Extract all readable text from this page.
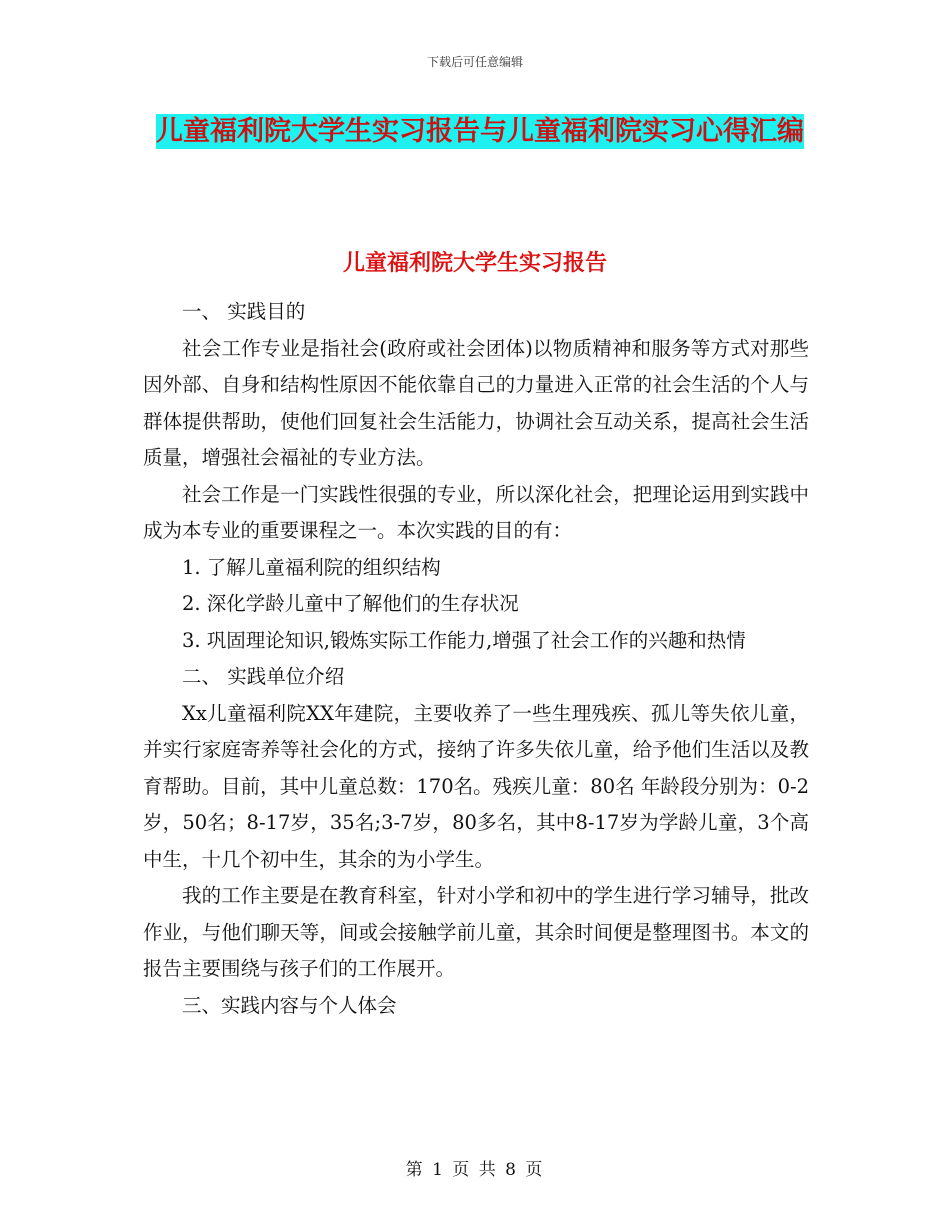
下载后可任意编辑
儿童福利院大学生实习报告与儿童福利院实习心得汇编
儿童福利院大学生实习报告

一、 实践目的

社会工作专业是指社会(政府或社会团体)以物质精神和服务等方式对那些因外部、自身和结构性原因不能依靠自己的力量进入正常的社会生活的个人与群体提供帮助，使他们回复社会生活能力，协调社会互动关系，提高社会生活质量，增强社会福祉的专业方法。

社会工作是一门实践性很强的专业，所以深化社会，把理论运用到实践中成为本专业的重要课程之一。本次实践的目的有：

1. 了解儿童福利院的组织结构

2. 深化学龄儿童中了解他们的生存状况

3. 巩固理论知识,锻炼实际工作能力,增强了社会工作的兴趣和热情

二、 实践单位介绍

Xx儿童福利院XX年建院，主要收养了一些生理残疾、孤儿等失依儿童，并实行家庭寄养等社会化的方式，接纳了许多失依儿童，给予他们生活以及教育帮助。目前，其中儿童总数：170名。残疾儿童：80名 年龄段分别为：0-2岁，50名；8-17岁，35名;3-7岁，80多名，其中8-17岁为学龄儿童，3个高中生，十几个初中生，其余的为小学生。

我的工作主要是在教育科室，针对小学和初中的学生进行学习辅导，批改作业，与他们聊天等，间或会接触学前儿童，其余时间便是整理图书。本文的报告主要围绕与孩子们的工作展开。

三、实践内容与个人体会

第 1 页 共 8 页
